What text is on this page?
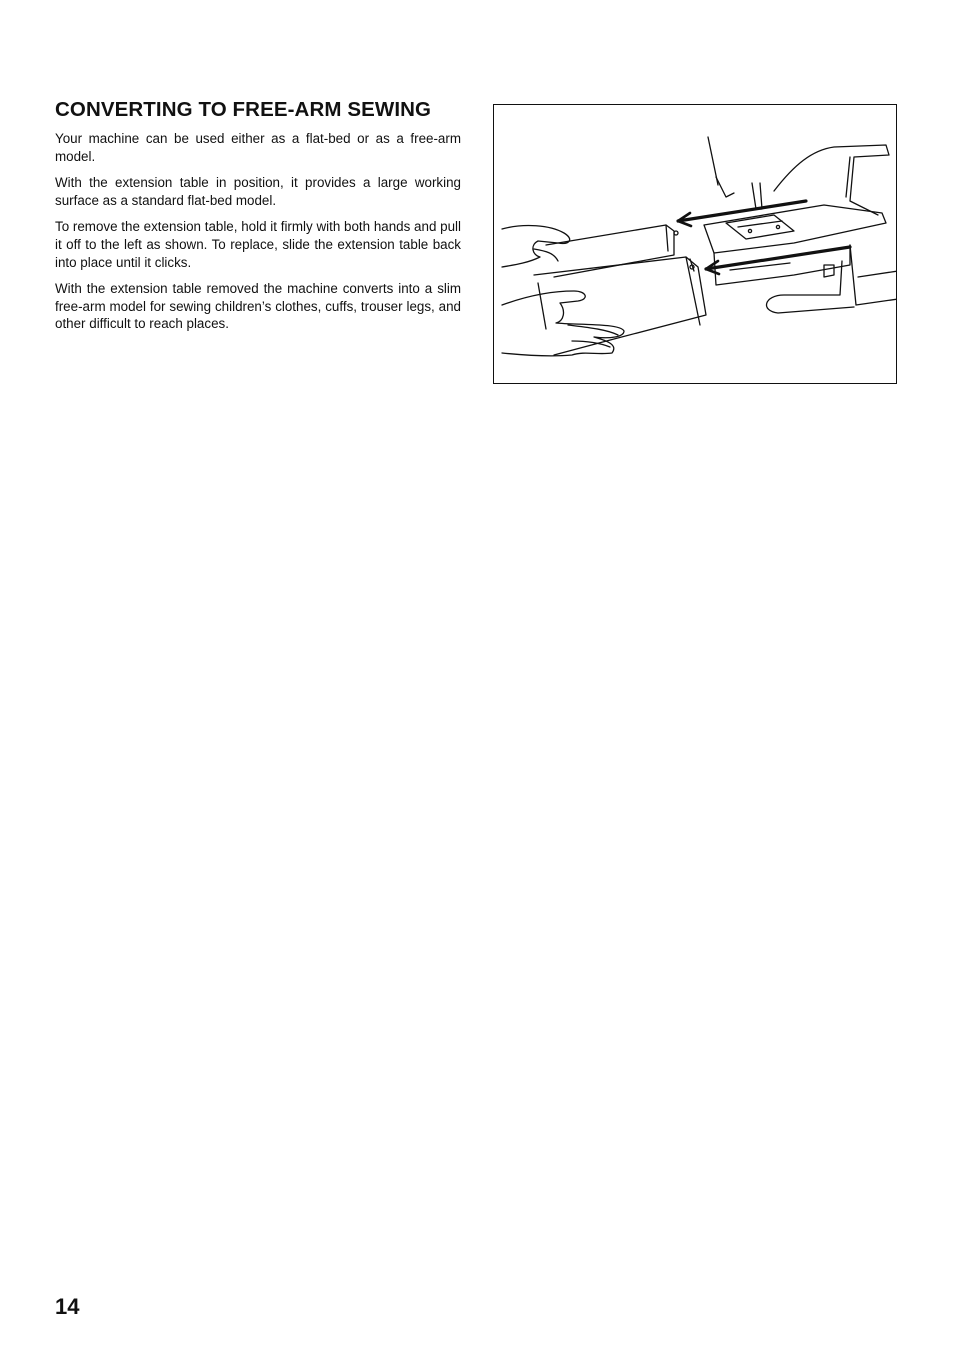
CONVERTING TO FREE-ARM SEWING

Your machine can be used either as a flat-bed or as a free-arm model.

With the extension table in position, it provides a large working surface as a standard flat-bed model.

To remove the extension table, hold it firmly with both hands and pull it off to the left as shown. To replace, slide the extension table back into place until it clicks.

With the extension table removed the machine converts into a slim free-arm model for sewing children’s clothes, cuffs, trouser legs, and other difficult to reach places.

14
